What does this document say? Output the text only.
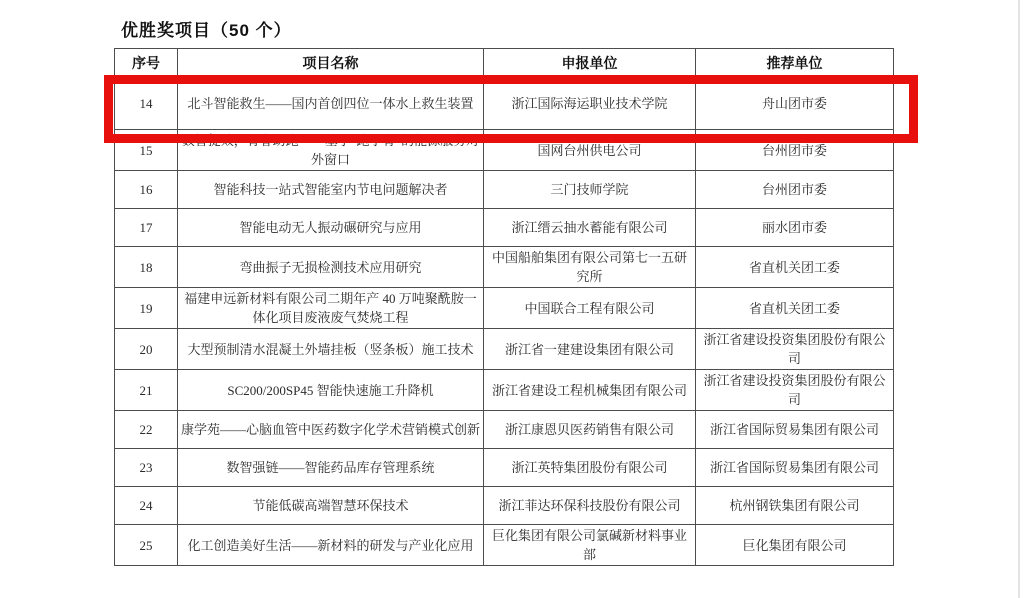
优胜奖项目（50 个）
序号	项目名称	申报单位	推荐单位
14	北斗智能救生——国内首创四位一体水上救生装置	浙江国际海运职业技术学院	舟山团市委
15	数智提效，青春助跑——基于“跑小青”的能源服务对外窗口	国网台州供电公司	台州团市委
16	智能科技一站式智能室内节电问题解决者	三门技师学院	台州团市委
17	智能电动无人振动碾研究与应用	浙江缙云抽水蓄能有限公司	丽水团市委
18	弯曲振子无损检测技术应用研究	中国船舶集团有限公司第七一五研究所	省直机关团工委
19	福建申远新材料有限公司二期年产 40 万吨聚酰胺一体化项目废液废气焚烧工程	中国联合工程有限公司	省直机关团工委
20	大型预制清水混凝土外墙挂板（竖条板）施工技术	浙江省一建建设集团有限公司	浙江省建设投资集团股份有限公司
21	SC200/200SP45 智能快速施工升降机	浙江省建设工程机械集团有限公司	浙江省建设投资集团股份有限公司
22	康学苑——心脑血管中医药数字化学术营销模式创新	浙江康恩贝医药销售有限公司	浙江省国际贸易集团有限公司
23	数智强链——智能药品库存管理系统	浙江英特集团股份有限公司	浙江省国际贸易集团有限公司
24	节能低碳高端智慧环保技术	浙江菲达环保科技股份有限公司	杭州钢铁集团有限公司
25	化工创造美好生活——新材料的研发与产业化应用	巨化集团有限公司氯碱新材料事业部	巨化集团有限公司
